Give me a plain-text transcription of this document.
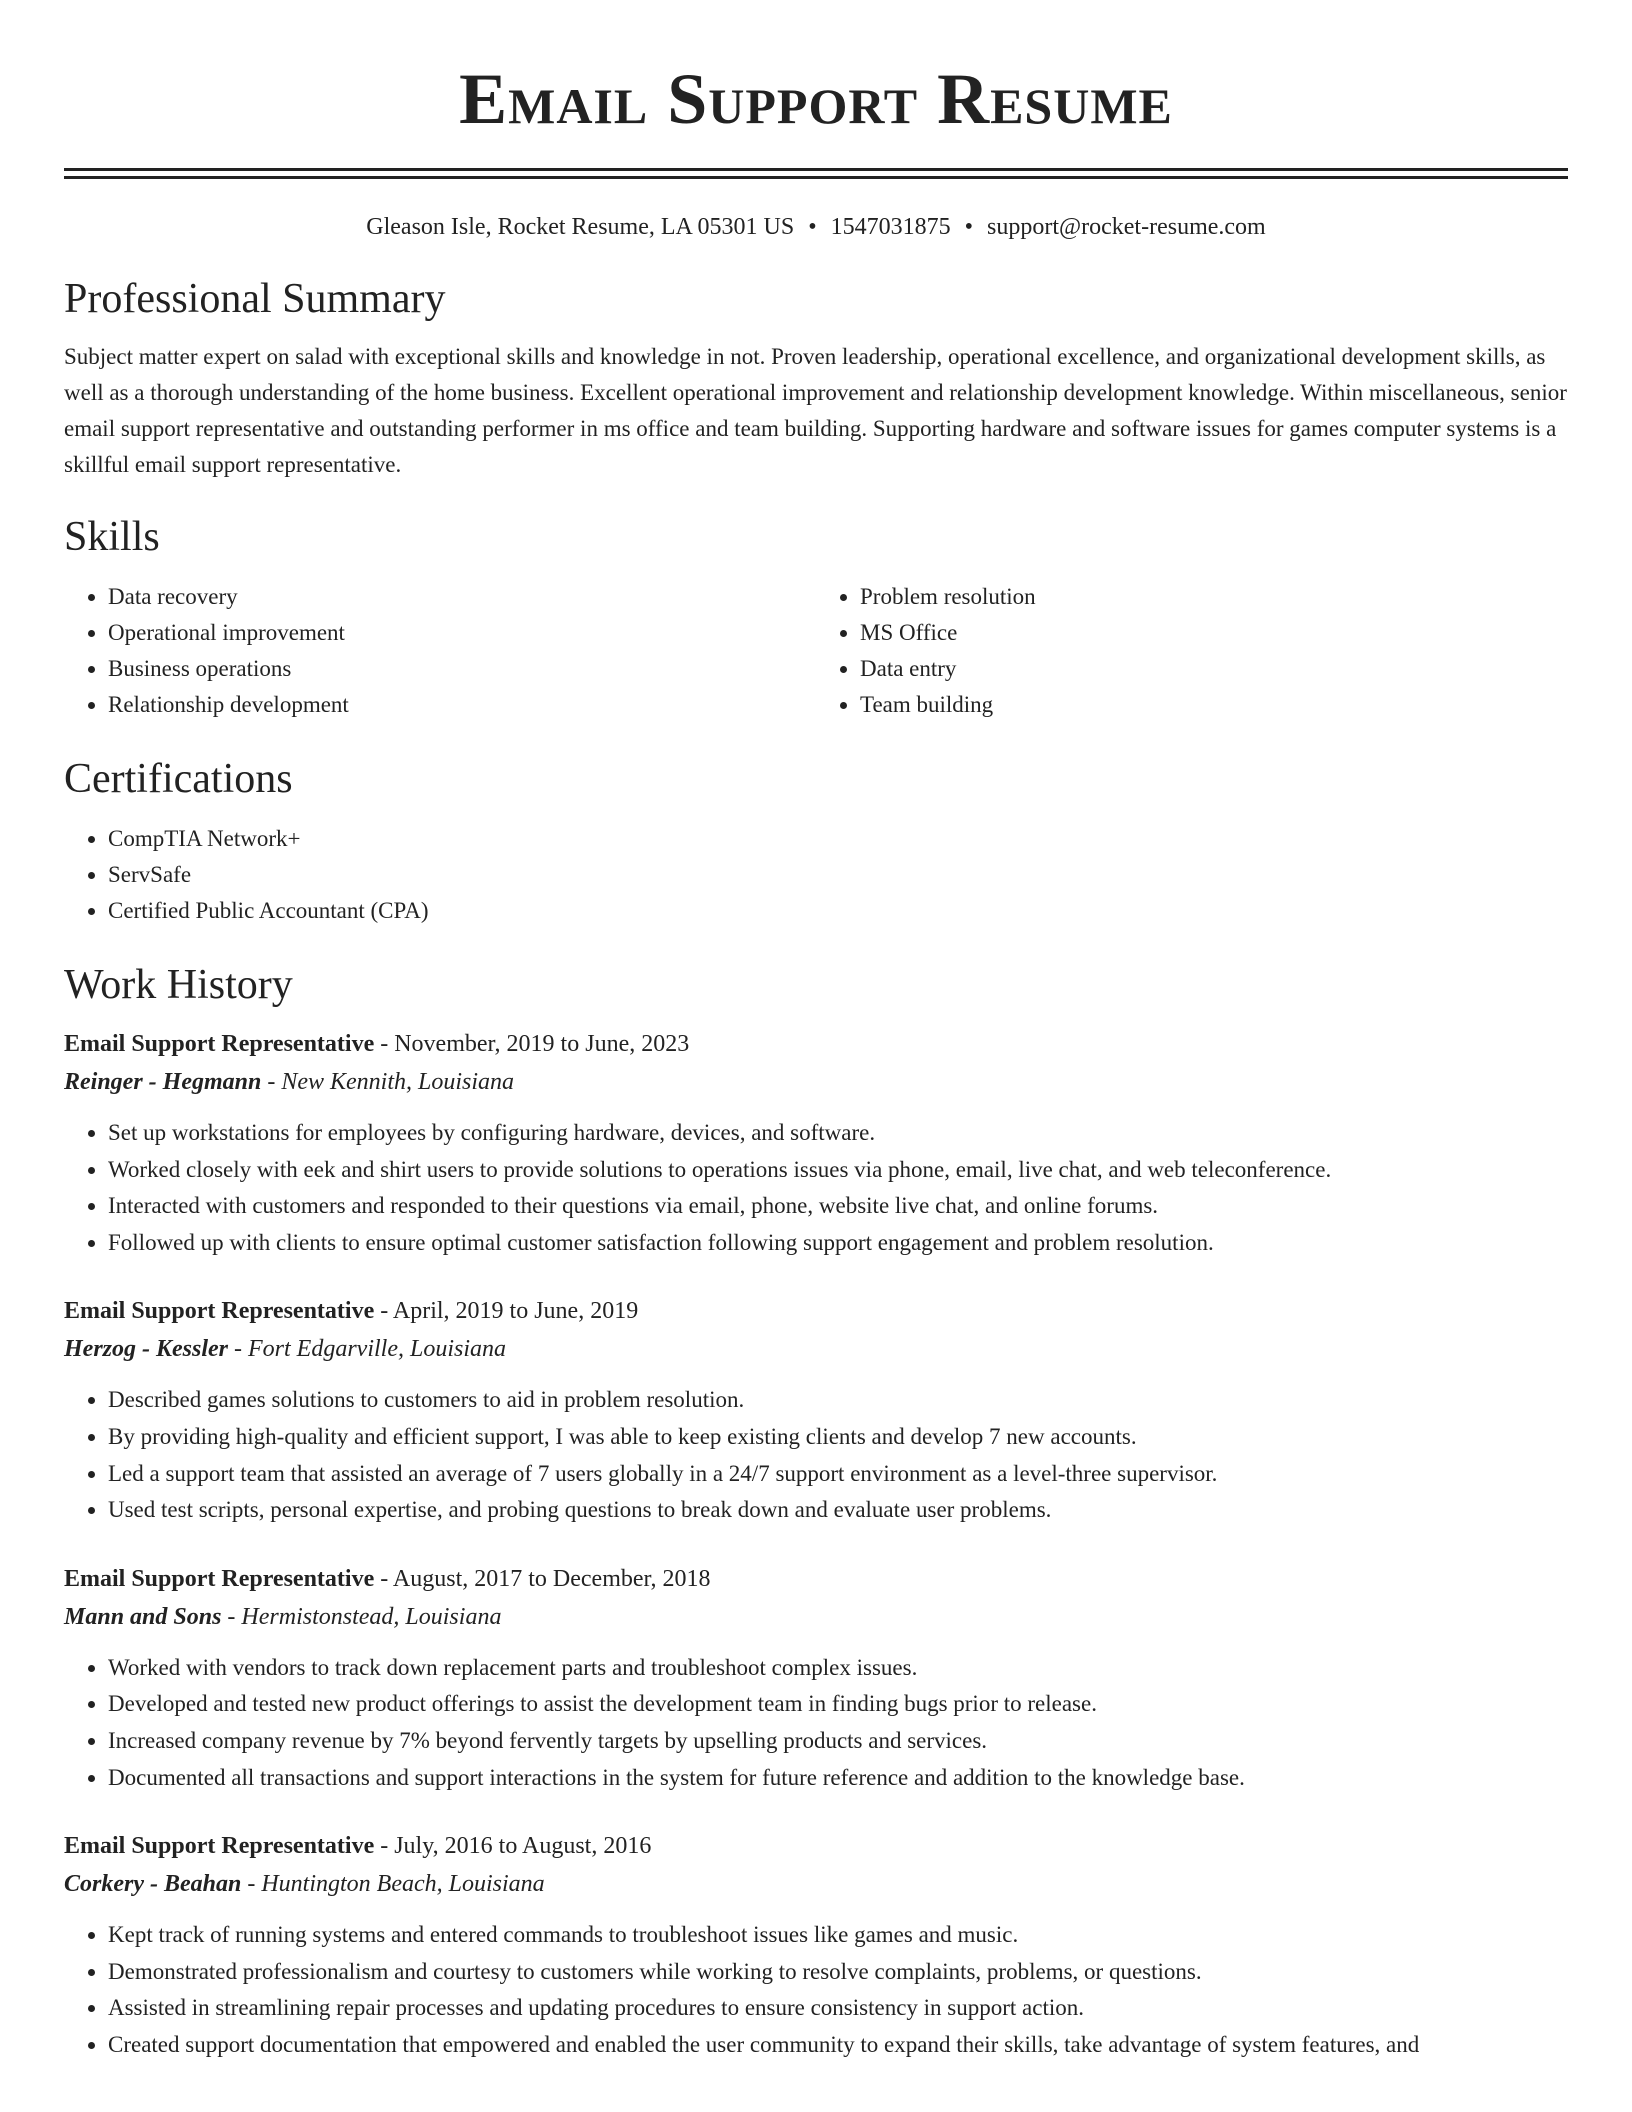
Email Support Resume
Gleason Isle, Rocket Resume, LA 05301 US • 1547031875 • support@rocket-resume.com
Professional Summary

Subject matter expert on salad with exceptional skills and knowledge in not. Proven leadership, operational excellence, and organizational development skills, as well as a thorough understanding of the home business. Excellent operational improvement and relationship development knowledge. Within miscellaneous, senior email support representative and outstanding performer in ms office and team building. Supporting hardware and software issues for games computer systems is a skillful email support representative.

Skills
• Data recovery
• Operational improvement
• Business operations
• Relationship development
• Problem resolution
• MS Office
• Data entry
• Team building
Certifications
• CompTIA Network+
• ServSafe
• Certified Public Accountant (CPA)
Work History
Email Support Representative - November, 2019 to June, 2023
Reinger - Hegmann - New Kennith, Louisiana
• Set up workstations for employees by configuring hardware, devices, and software.
• Worked closely with eek and shirt users to provide solutions to operations issues via phone, email, live chat, and web teleconference.
• Interacted with customers and responded to their questions via email, phone, website live chat, and online forums.
• Followed up with clients to ensure optimal customer satisfaction following support engagement and problem resolution.
Email Support Representative - April, 2019 to June, 2019
Herzog - Kessler - Fort Edgarville, Louisiana
• Described games solutions to customers to aid in problem resolution.
• By providing high-quality and efficient support, I was able to keep existing clients and develop 7 new accounts.
• Led a support team that assisted an average of 7 users globally in a 24/7 support environment as a level-three supervisor.
• Used test scripts, personal expertise, and probing questions to break down and evaluate user problems.
Email Support Representative - August, 2017 to December, 2018
Mann and Sons - Hermistonstead, Louisiana
• Worked with vendors to track down replacement parts and troubleshoot complex issues.
• Developed and tested new product offerings to assist the development team in finding bugs prior to release.
• Increased company revenue by 7% beyond fervently targets by upselling products and services.
• Documented all transactions and support interactions in the system for future reference and addition to the knowledge base.
Email Support Representative - July, 2016 to August, 2016
Corkery - Beahan - Huntington Beach, Louisiana
• Kept track of running systems and entered commands to troubleshoot issues like games and music.
• Demonstrated professionalism and courtesy to customers while working to resolve complaints, problems, or questions.
• Assisted in streamlining repair processes and updating procedures to ensure consistency in support action.
• Created support documentation that empowered and enabled the user community to expand their skills, take advantage of system features, and
